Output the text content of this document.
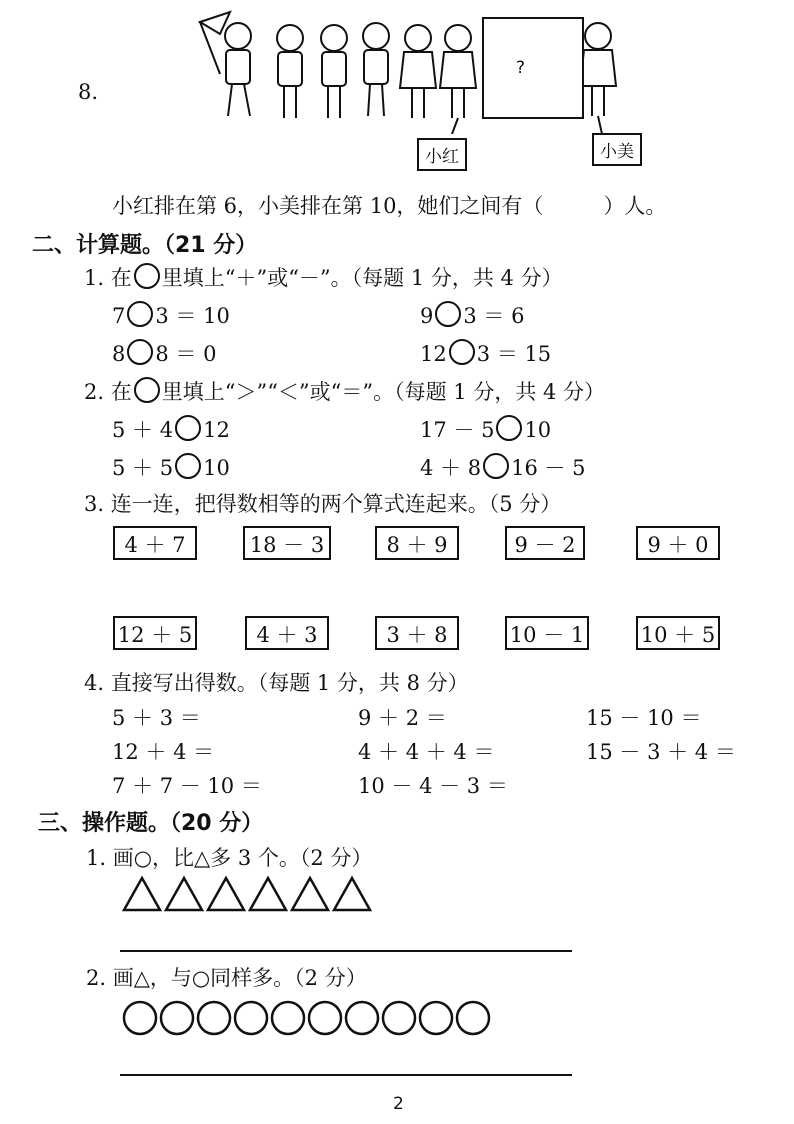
8.
?
小红	小美
小红排在第 6，小美排在第 10，她们之间有（	）人。
二、计算题。（21 分）
1. 在 里填上“＋”或“－”。（每题 1 分，共 4 分）
7 3 ＝ 10	9 3 ＝ 6
8 8 ＝ 0	12 3 ＝ 15
2. 在 里填上“＞”“＜”或“＝”。（每题 1 分，共 4 分）
5 ＋ 4 12	17 － 5 10
5 ＋ 5 10	4 ＋ 8 16 － 5
3. 连一连，把得数相等的两个算式连起来。（5 分）
4 ＋ 7	18 － 3	8 ＋ 9	9 － 2	9 ＋ 0
12 ＋ 5	4 ＋ 3	3 ＋ 8	10 － 1	10 ＋ 5
4. 直接写出得数。（每题 1 分，共 8 分）
5 ＋ 3 ＝	9 ＋ 2 ＝	15 － 10 ＝
12 ＋ 4 ＝	4 ＋ 4 ＋ 4 ＝	15 － 3 ＋ 4 ＝
7 ＋ 7 － 10 ＝	10 － 4 － 3 ＝
三、操作题。（20 分）
1. 画○，比△多 3 个。（2 分）
2. 画△，与○同样多。（2 分）
2
